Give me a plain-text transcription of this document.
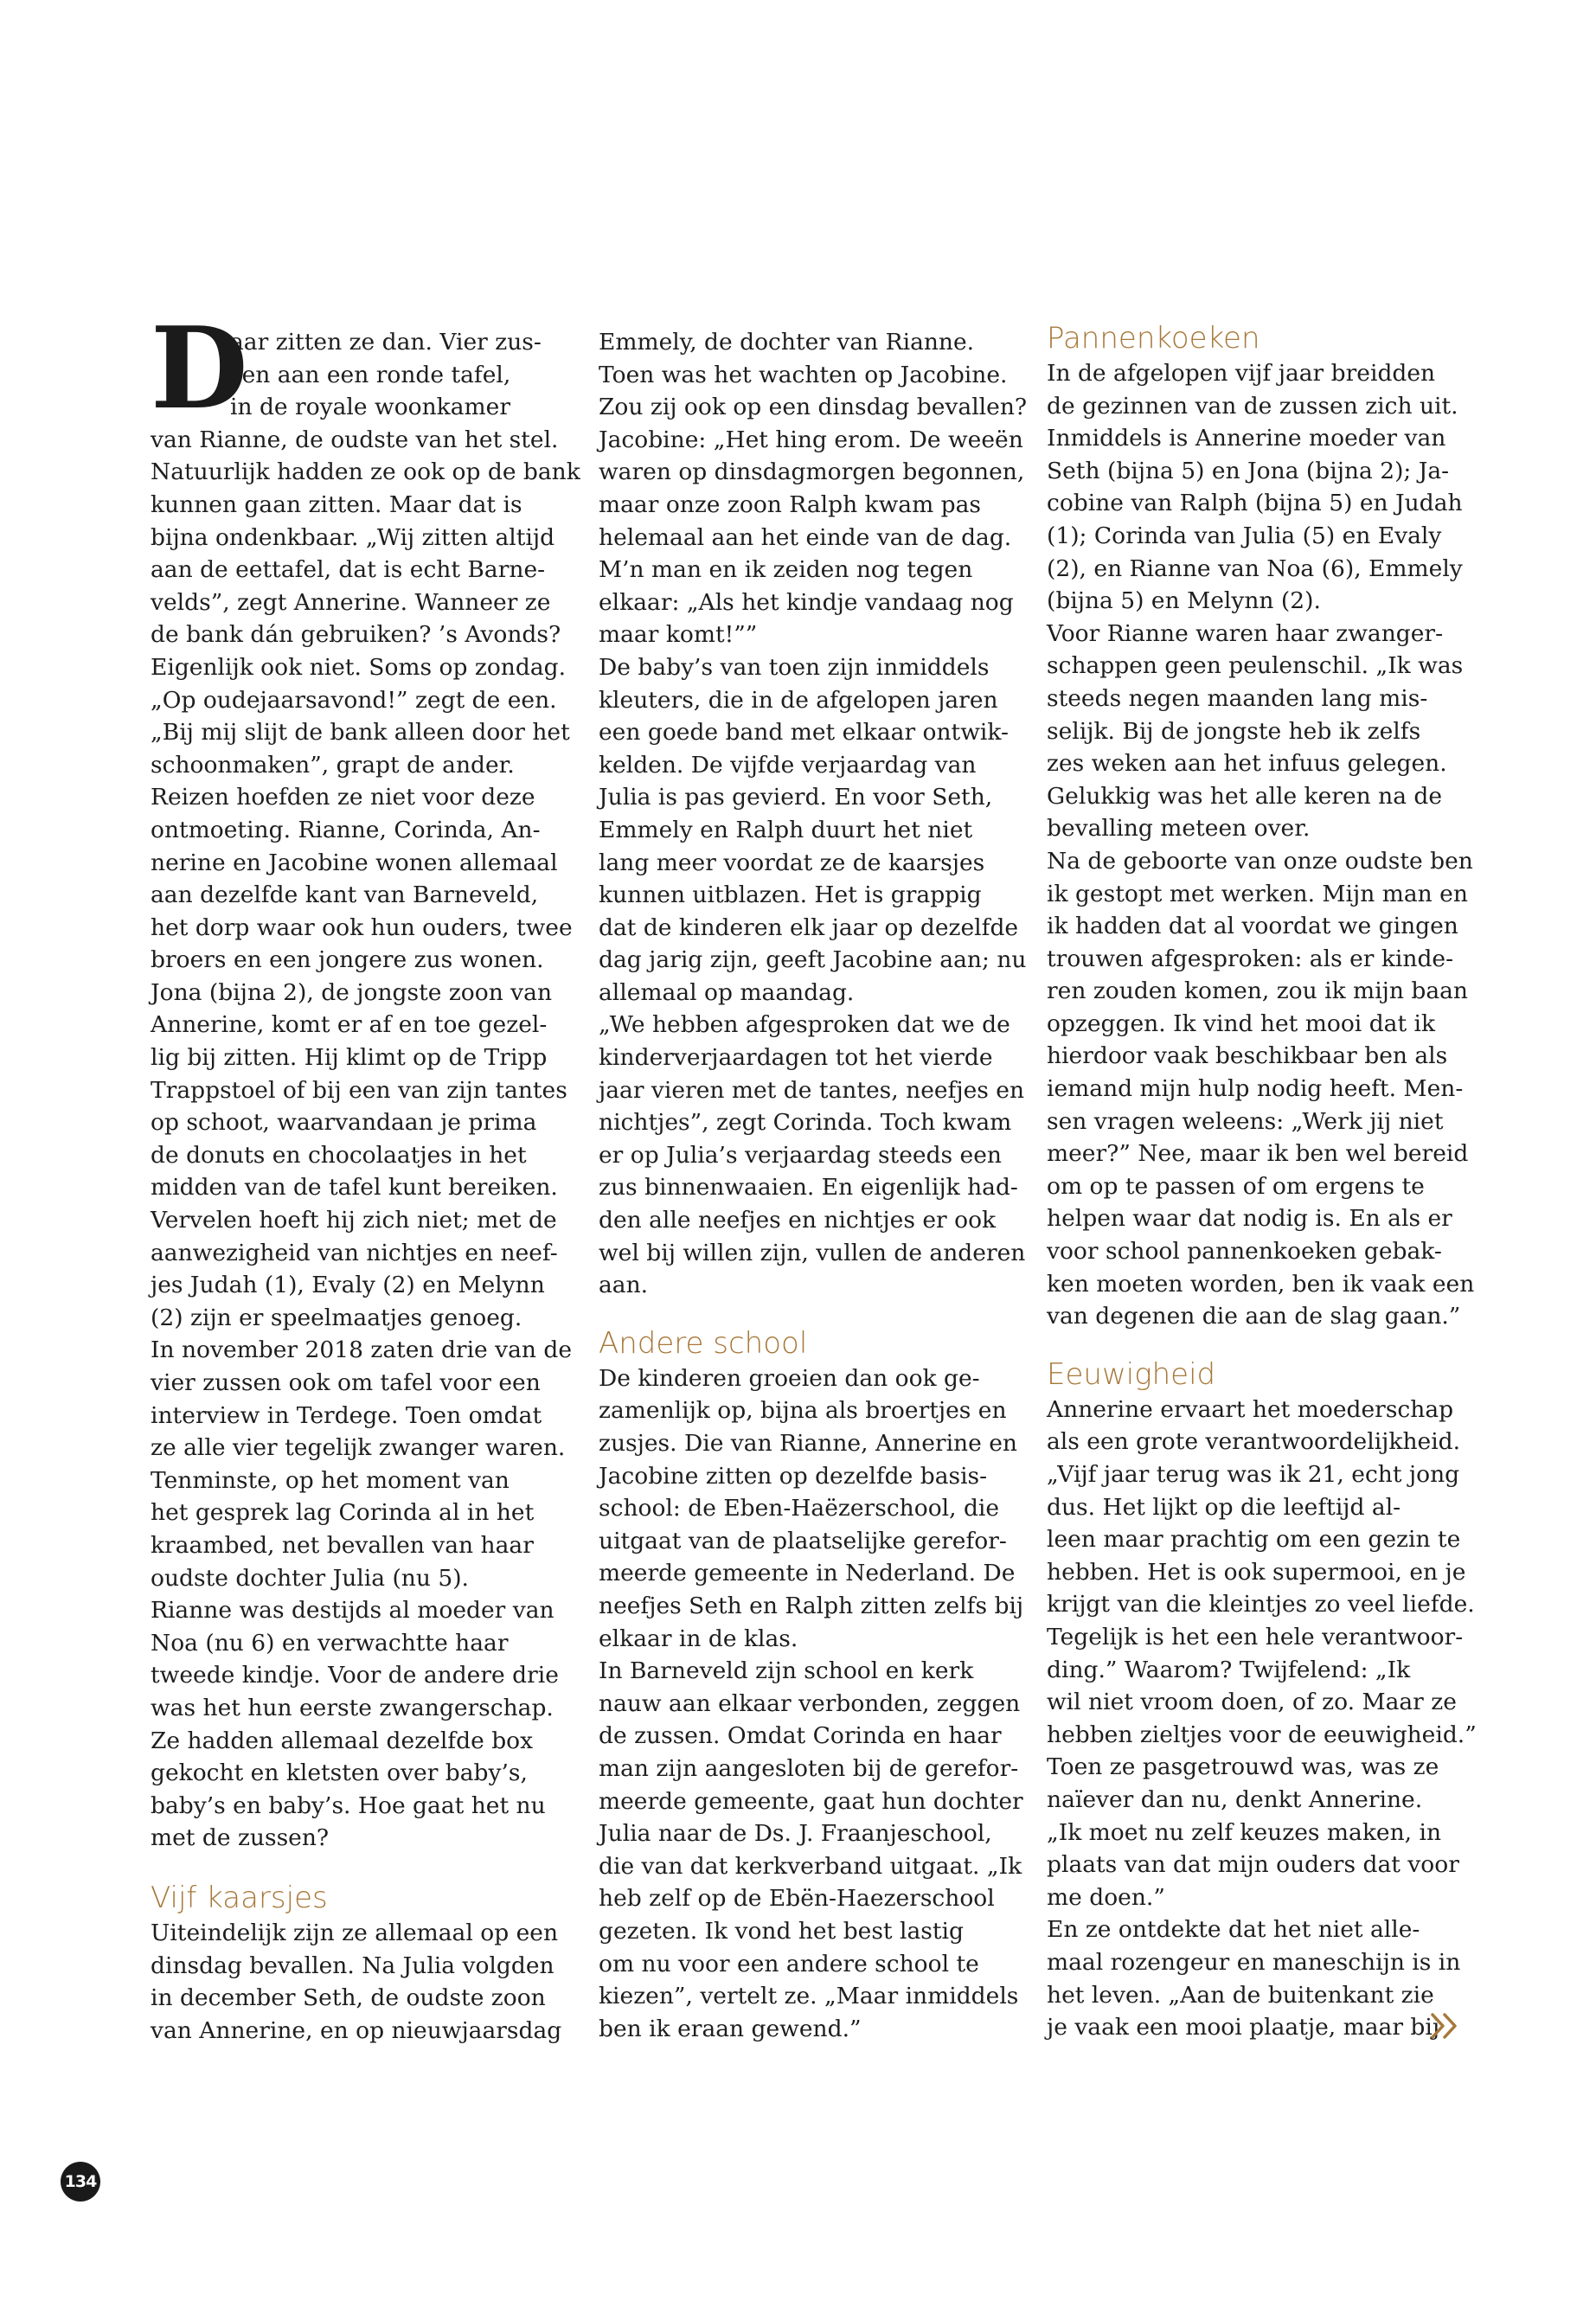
D

aar zitten ze dan. Vier zus-
sen aan een ronde tafel,
in de royale woonkamer
van Rianne, de oudste van het stel.
Natuurlijk hadden ze ook op de bank
kunnen gaan zitten. Maar dat is
bijna ondenkbaar. „Wij zitten altijd
aan de eettafel, dat is echt Barne-
velds”, zegt Annerine. Wanneer ze
de bank dán gebruiken? ’s Avonds?
Eigenlijk ook niet. Soms op zondag.
„Op oudejaarsavond!” zegt de een.
„Bij mij slijt de bank alleen door het
schoonmaken”, grapt de ander.
Reizen hoefden ze niet voor deze
ontmoeting. Rianne, Corinda, An-
nerine en Jacobine wonen allemaal
aan dezelfde kant van Barneveld,
het dorp waar ook hun ouders, twee
broers en een jongere zus wonen.
Jona (bijna 2), de jongste zoon van
Annerine, komt er af en toe gezel-
lig bij zitten. Hij klimt op de Tripp
Trappstoel of bij een van zijn tantes
op schoot, waarvandaan je prima
de donuts en chocolaatjes in het
midden van de tafel kunt bereiken.
Vervelen hoeft hij zich niet; met de
aanwezigheid van nichtjes en neef-
jes Judah (1), Evaly (2) en Melynn
(2) zijn er speelmaatjes genoeg.
In november 2018 zaten drie van de
vier zussen ook om tafel voor een
interview in Terdege. Toen omdat
ze alle vier tegelijk zwanger waren.
Tenminste, op het moment van
het gesprek lag Corinda al in het
kraambed, net bevallen van haar
oudste dochter Julia (nu 5).
Rianne was destijds al moeder van
Noa (nu 6) en verwachtte haar
tweede kindje. Voor de andere drie
was het hun eerste zwangerschap.
Ze hadden allemaal dezelfde box
gekocht en kletsten over baby’s,
baby’s en baby’s. Hoe gaat het nu
met de zussen?

Vijf kaarsjes

Uiteindelijk zijn ze allemaal op een
dinsdag bevallen. Na Julia volgden
in december Seth, de oudste zoon
van Annerine, en op nieuwjaarsdag

Emmely, de dochter van Rianne.
Toen was het wachten op Jacobine.
Zou zij ook op een dinsdag bevallen?
Jacobine: „Het hing erom. De weeën
waren op dinsdagmorgen begonnen,
maar onze zoon Ralph kwam pas
helemaal aan het einde van de dag.
M’n man en ik zeiden nog tegen
elkaar: „Als het kindje vandaag nog
maar komt!””
De baby’s van toen zijn inmiddels
kleuters, die in de afgelopen jaren
een goede band met elkaar ontwik-
kelden. De vijfde verjaardag van
Julia is pas gevierd. En voor Seth,
Emmely en Ralph duurt het niet
lang meer voordat ze de kaarsjes
kunnen uitblazen. Het is grappig
dat de kinderen elk jaar op dezelfde
dag jarig zijn, geeft Jacobine aan; nu
allemaal op maandag.
„We hebben afgesproken dat we de
kinderverjaardagen tot het vierde
jaar vieren met de tantes, neefjes en
nichtjes”, zegt Corinda. Toch kwam
er op Julia’s verjaardag steeds een
zus binnenwaaien. En eigenlijk had-
den alle neefjes en nichtjes er ook
wel bij willen zijn, vullen de anderen
aan.

Andere school

De kinderen groeien dan ook ge-
zamenlijk op, bijna als broertjes en
zusjes. Die van Rianne, Annerine en
Jacobine zitten op dezelfde basis-
school: de Eben-Haëzerschool, die
uitgaat van de plaatselijke gerefor-
meerde gemeente in Nederland. De
neefjes Seth en Ralph zitten zelfs bij
elkaar in de klas.
In Barneveld zijn school en kerk
nauw aan elkaar verbonden, zeggen
de zussen. Omdat Corinda en haar
man zijn aangesloten bij de gerefor-
meerde gemeente, gaat hun dochter
Julia naar de Ds. J. Fraanjeschool,
die van dat kerkverband uitgaat. „Ik
heb zelf op de Ebën-Haezerschool
gezeten. Ik vond het best lastig
om nu voor een andere school te
kiezen”, vertelt ze. „Maar inmiddels
ben ik eraan gewend.”

Pannenkoeken

In de afgelopen vijf jaar breidden
de gezinnen van de zussen zich uit.
Inmiddels is Annerine moeder van
Seth (bijna 5) en Jona (bijna 2); Ja-
cobine van Ralph (bijna 5) en Judah
(1); Corinda van Julia (5) en Evaly
(2), en Rianne van Noa (6), Emmely
(bijna 5) en Melynn (2).
Voor Rianne waren haar zwanger-
schappen geen peulenschil. „Ik was
steeds negen maanden lang mis-
selijk. Bij de jongste heb ik zelfs
zes weken aan het infuus gelegen.
Gelukkig was het alle keren na de
bevalling meteen over.
Na de geboorte van onze oudste ben
ik gestopt met werken. Mijn man en
ik hadden dat al voordat we gingen
trouwen afgesproken: als er kinde-
ren zouden komen, zou ik mijn baan
opzeggen. Ik vind het mooi dat ik
hierdoor vaak beschikbaar ben als
iemand mijn hulp nodig heeft. Men-
sen vragen weleens: „Werk jij niet
meer?” Nee, maar ik ben wel bereid
om op te passen of om ergens te
helpen waar dat nodig is. En als er
voor school pannenkoeken gebak-
ken moeten worden, ben ik vaak een
van degenen die aan de slag gaan.”

Eeuwigheid

Annerine ervaart het moederschap
als een grote verantwoordelijkheid.
„Vijf jaar terug was ik 21, echt jong
dus. Het lijkt op die leeftijd al-
leen maar prachtig om een gezin te
hebben. Het is ook supermooi, en je
krijgt van die kleintjes zo veel liefde.
Tegelijk is het een hele verantwoor-
ding.” Waarom? Twijfelend: „Ik
wil niet vroom doen, of zo. Maar ze
hebben zieltjes voor de eeuwigheid.”
Toen ze pasgetrouwd was, was ze
naïever dan nu, denkt Annerine.
„Ik moet nu zelf keuzes maken, in
plaats van dat mijn ouders dat voor
me doen.”
En ze ontdekte dat het niet alle-
maal rozengeur en maneschijn is in
het leven. „Aan de buitenkant zie
je vaak een mooi plaatje, maar bij

134
